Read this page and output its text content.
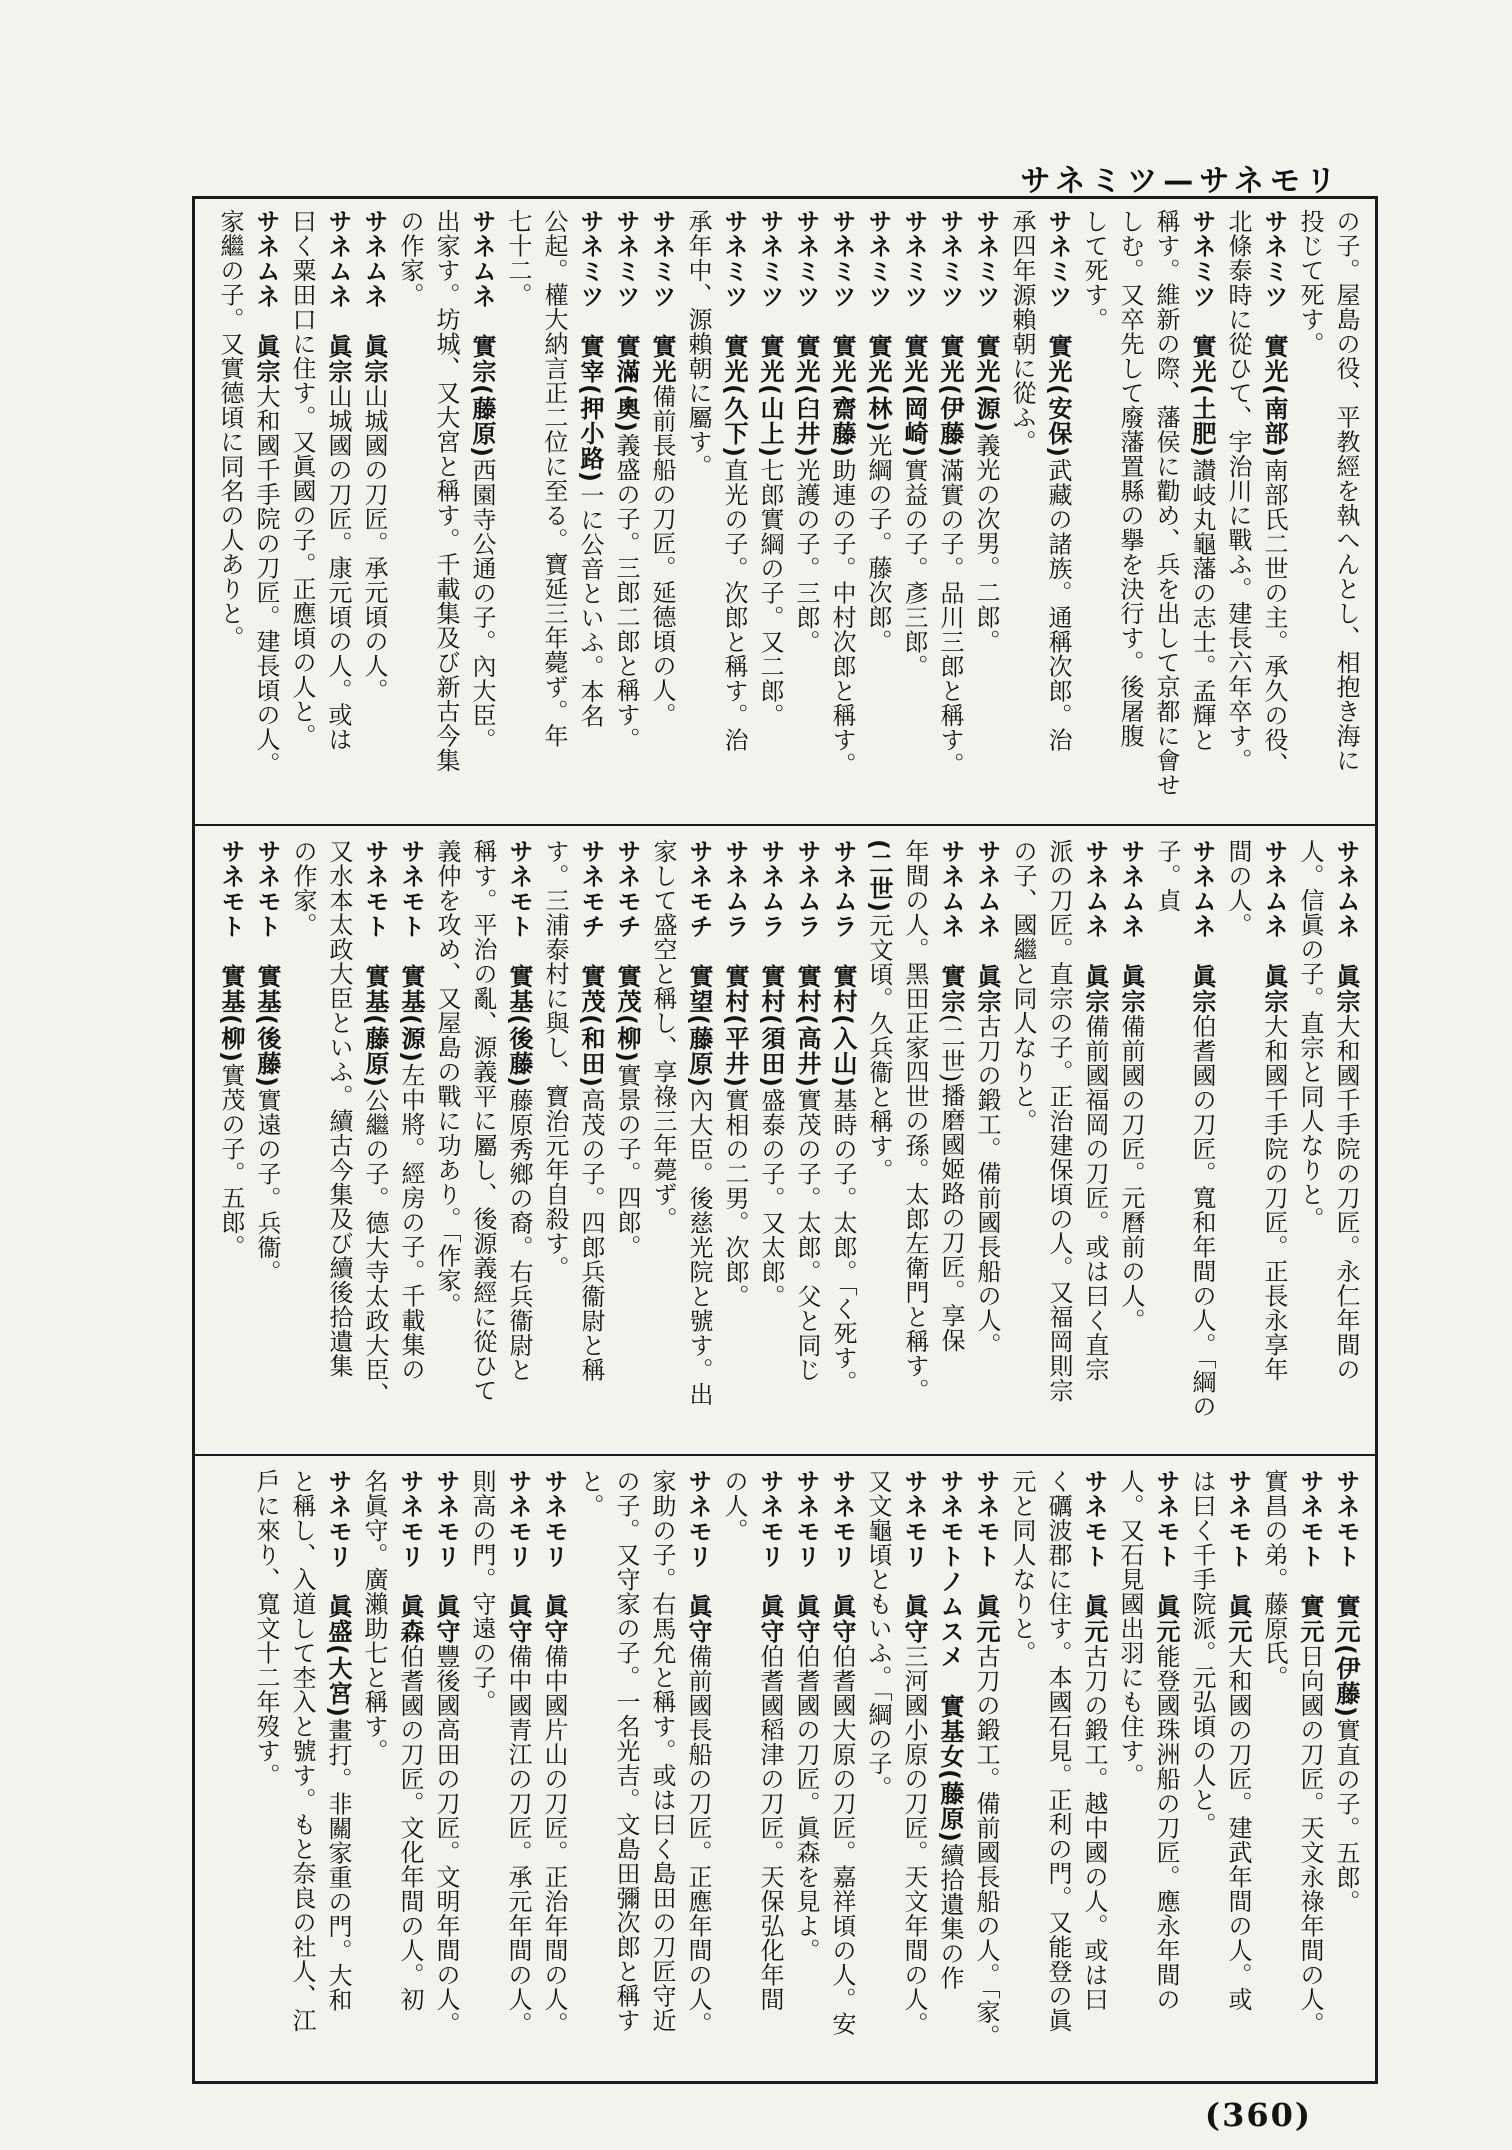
サネミツ—サネモリ
の子。屋島の役、平教經を執へんとし、相抱き海に
投じて死す。
サネミツ　實光(南部)南部氏二世の主。承久の役、
北條泰時に從ひて、宇治川に戰ふ。建長六年卒す。
サネミツ　實光(土肥)讃岐丸龜藩の志士。孟輝と
稱す。維新の際、藩侯に勸め、兵を出して京都に會せ
しむ。又卒先して廢藩置縣の擧を決行す。後屠腹
して死す。
サネミツ　實光(安保)武藏の諸族。通稱次郎。治
承四年源賴朝に從ふ。
サネミツ　實光(源)義光の次男。二郎。
サネミツ　實光(伊藤)滿實の子。品川三郎と稱す。
サネミツ　實光(岡崎)實益の子。彥三郎。
サネミツ　實光(林)光綱の子。藤次郎。
サネミツ　實光(齋藤)助連の子。中村次郎と稱す。
サネミツ　實光(臼井)光護の子。三郎。
サネミツ　實光(山上)七郎實綱の子。又二郎。
サネミツ　實光(久下)直光の子。次郎と稱す。治
承年中、源賴朝に屬す。
サネミツ　實光備前長船の刀匠。延德頃の人。
サネミツ　實滿(奧)義盛の子。三郎二郎と稱す。
サネミツ　實宰(押小路)一に公音といふ。本名
公起。權大納言正二位に至る。寶延三年薨ず。年
七十二。
サネムネ　實宗(藤原)西園寺公通の子。內大臣。
出家す。坊城、又大宮と稱す。千載集及び新古今集
の作家。
サネムネ　眞宗山城國の刀匠。承元頃の人。
サネムネ　眞宗山城國の刀匠。康元頃の人。或は
曰く粟田口に住す。又眞國の子。正應頃の人と。
サネムネ　眞宗大和國千手院の刀匠。建長頃の人。
家繼の子。又實德頃に同名の人ありと。
サネムネ　眞宗大和國千手院の刀匠。永仁年間の
人。信眞の子。直宗と同人なりと。
サネムネ　眞宗大和國千手院の刀匠。正長永享年
間の人。
サネムネ　眞宗伯耆國の刀匠。寬和年間の人。「綱の子。貞
サネムネ　眞宗備前國の刀匠。元曆前の人。
サネムネ　眞宗備前國福岡の刀匠。或は曰く直宗
派の刀匠。直宗の子。正治建保頃の人。又福岡則宗
の子、國繼と同人なりと。
サネムネ　眞宗古刀の鍛工。備前國長船の人。
サネムネ　實宗(二世)播磨國姬路の刀匠。享保
年間の人。黑田正家四世の孫。太郎左衛門と稱す。
(二世)元文頃。久兵衞と稱す。
サネムラ　實村(入山)基時の子。太郎。「く死す。
サネムラ　實村(高井)實茂の子。太郎。父と同じ
サネムラ　實村(須田)盛泰の子。又太郎。
サネムラ　實村(平井)實相の二男。次郎。
サネモチ　實望(藤原)內大臣。後慈光院と號す。出
家して盛空と稱し、享祿三年薨ず。
サネモチ　實茂(柳)實景の子。四郎。
サネモチ　實茂(和田)高茂の子。四郎兵衞尉と稱
す。三浦泰村に與し、寶治元年自殺す。
サネモト　實基(後藤)藤原秀鄉の裔。右兵衞尉と
稱す。平治の亂、源義平に屬し、後源義經に從ひて
義仲を攻め、又屋島の戰に功あり。「作家。
サネモト　實基(源)左中將。經房の子。千載集の
サネモト　實基(藤原)公繼の子。德大寺太政大臣、
又水本太政大臣といふ。續古今集及び續後拾遺集
の作家。
サネモト　實基(後藤)實遠の子。兵衞。
サネモト　實基(柳)實茂の子。五郎。
サネモト　實元(伊藤)實直の子。五郎。
サネモト　實元日向國の刀匠。天文永祿年間の人。
實昌の弟。藤原氏。
サネモト　眞元大和國の刀匠。建武年間の人。或
は曰く千手院派。元弘頃の人と。
サネモト　眞元能登國珠洲船の刀匠。應永年間の
人。又石見國出羽にも住す。
サネモト　眞元古刀の鍛工。越中國の人。或は曰
く礪波郡に住す。本國石見。正利の門。又能登の眞
元と同人なりと。
サネモト　眞元古刀の鍛工。備前國長船の人。「家。
サネモトノムスメ　實基女(藤原)續拾遺集の作
サネモリ　眞守三河國小原の刀匠。天文年間の人。
又文龜頃ともいふ。「綱の子。
サネモリ　眞守伯耆國大原の刀匠。嘉祥頃の人。安
サネモリ　眞守伯耆國の刀匠。眞森を見よ。
サネモリ　眞守伯耆國稻津の刀匠。天保弘化年間
の人。
サネモリ　眞守備前國長船の刀匠。正應年間の人。
家助の子。右馬允と稱す。或は曰く島田の刀匠守近
の子。又守家の子。一名光吉。文島田彌次郎と稱す
と。
サネモリ　眞守備中國片山の刀匠。正治年間の人。
サネモリ　眞守備中國青江の刀匠。承元年間の人。
則高の門。守遠の子。
サネモリ　眞守豐後國高田の刀匠。文明年間の人。
サネモリ　眞森伯耆國の刀匠。文化年間の人。初
名眞守。廣瀨助七と稱す。
サネモリ　眞盛(大宮)畫打。非關家重の門。大和
と稱し、入道して杢入と號す。もと奈良の社人、江
戶に來り、寬文十二年歿す。
(360)
